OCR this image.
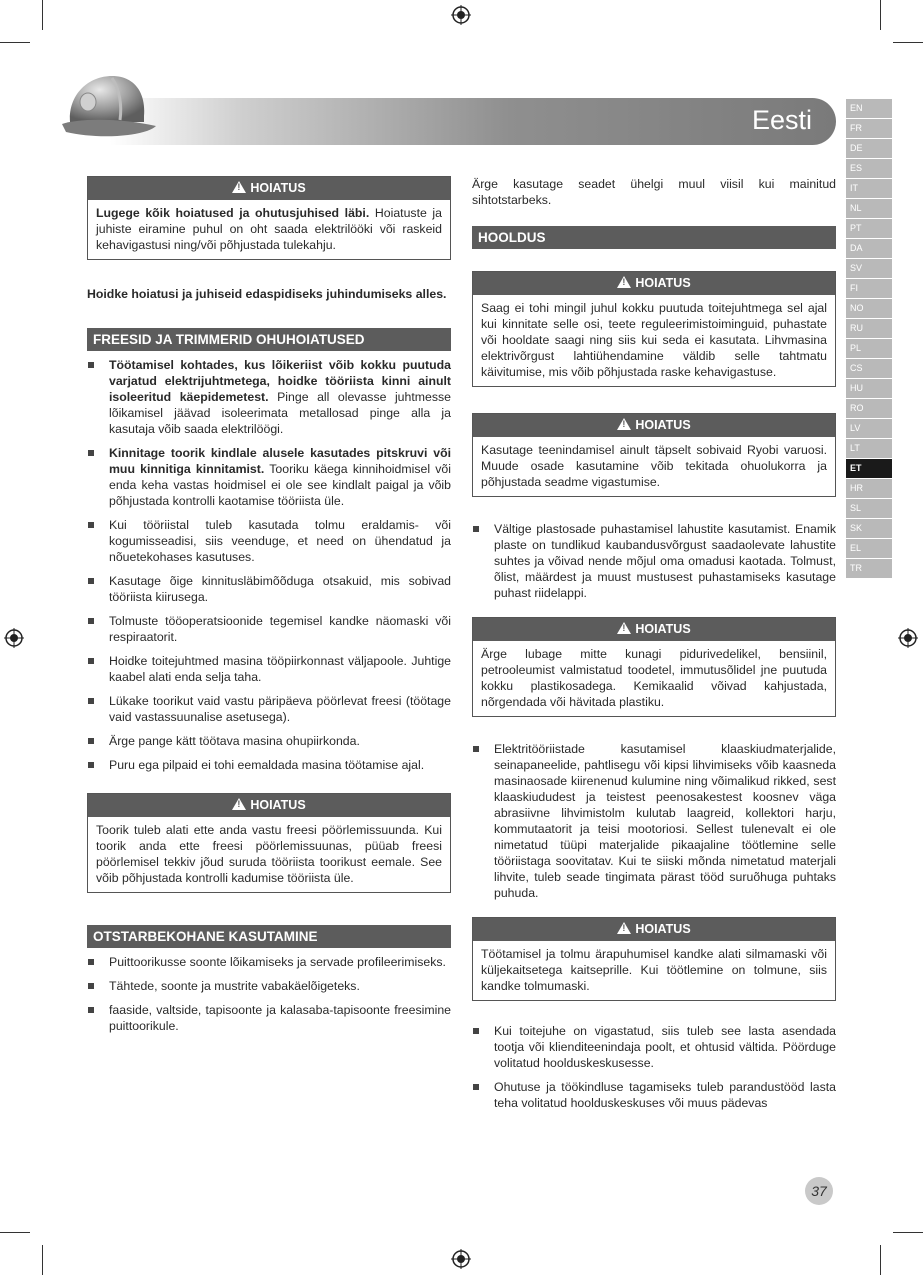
Eesti	EN
FR
DE
ES
IT
NL
PT
DA
SV
FI
NO
RU
PL
CS
HU
RO
LV
LT
ET
HR
SL
SK
EL
TR
!HOIATUS
Lugege kõik hoiatused ja ohutusjuhised läbi. Hoiatuste ja juhiste eiramine puhul on oht saada elektrilööki või raskeid kehavigastusi ning/või põhjustada tulekahju.

Hoidke hoiatusi ja juhiseid edaspidiseks juhindumiseks alles.

FREESID JA TRIMMERID OHUHOIATUSED
Töötamisel kohtades, kus lõikeriist võib kokku puutuda varjatud elektrijuhtmetega, hoidke tööriista kinni ainult isoleeritud käepidemetest. Pinge all olevasse juhtmesse lõikamisel jäävad isoleerimata metallosad pinge alla ja kasutaja võib saada elektrilöögi.
Kinnitage toorik kindlale alusele kasutades pitskruvi või muu kinnitiga kinnitamist. Tooriku käega kinnihoidmisel või enda keha vastas hoidmisel ei ole see kindlalt paigal ja võib põhjustada kontrolli kaotamise tööriista üle.
Kui tööriistal tuleb kasutada tolmu eraldamis- või kogumisseadisi, siis veenduge, et need on ühendatud ja nõuetekohases kasutuses.
Kasutage õige kinnitusläbimõõduga otsakuid, mis sobivad tööriista kiirusega.
Tolmuste tööoperatsioonide tegemisel kandke näomaski või respiraatorit.
Hoidke toitejuhtmed masina tööpiirkonnast väljapoole. Juhtige kaabel alati enda selja taha.
Lükake toorikut vaid vastu päripäeva pöörlevat freesi (töötage vaid vastassuunalise asetusega).
Ärge pange kätt töötava masina ohupiirkonda.
Puru ega pilpaid ei tohi eemaldada masina töötamise ajal.
!HOIATUS
Toorik tuleb alati ette anda vastu freesi pöörlemissuunda. Kui toorik anda ette freesi pöörlemissuunas, püüab freesi pöörlemisel tekkiv jõud suruda tööriista toorikust eemale. See võib põhjustada kontrolli kadumise tööriista üle.
OTSTARBEKOHANE KASUTAMINE
Puittoorikusse soonte lõikamiseks ja servade profileerimiseks.
Tähtede, soonte ja mustrite vabakäelõigeteks.
faaside, valtside, tapisoonte ja kalasaba-tapisoonte freesimine puittoorikule.

Ärge kasutage seadet ühelgi muul viisil kui mainitud sihtotstarbeks.

HOOLDUS
!HOIATUS
Saag ei tohi mingil juhul kokku puutuda toitejuhtmega sel ajal kui kinnitate selle osi, teete reguleerimistoiminguid, puhastate või hooldate saagi ning siis kui seda ei kasutata. Lihvmasina elektrivõrgust lahtiühendamine väldib selle tahtmatu käivitumise, mis võib põhjustada raske kehavigastuse.
!HOIATUS
Kasutage teenindamisel ainult täpselt sobivaid Ryobi varuosi. Muude osade kasutamine võib tekitada ohuolukorra ja põhjustada seadme vigastumise.
Vältige plastosade puhastamisel lahustite kasutamist. Enamik plaste on tundlikud kaubandusvõrgust saadaolevate lahustite suhtes ja võivad nende mõjul oma omadusi kaotada. Tolmust, õlist, määrdest ja muust mustusest puhastamiseks kasutage puhast riidelappi.
!HOIATUS
Ärge lubage mitte kunagi pidurivedelikel, bensiinil, petrooleumist valmistatud toodetel, immutusõlidel jne puutuda kokku plastikosadega. Kemikaalid võivad kahjustada, nõrgendada või hävitada plastiku.
Elektritööriistade kasutamisel klaaskiudmaterjalide, seinapaneelide, pahtlisegu või kipsi lihvimiseks võib kaasneda masinaosade kiirenenud kulumine ning võimalikud rikked, sest klaaskiududest ja teistest peenosakestest koosnev väga abrasiivne lihvimistolm kulutab laagreid, kollektori harju, kommutaatorit ja teisi mootoriosi. Sellest tulenevalt ei ole nimetatud tüüpi materjalide pikaajaline töötlemine selle tööriistaga soovitatav. Kui te siiski mõnda nimetatud materjali lihvite, tuleb seade tingimata pärast tööd suruõhuga puhtaks puhuda.
!HOIATUS
Töötamisel ja tolmu ärapuhumisel kandke alati silmamaski või küljekaitsetega kaitseprille. Kui töötlemine on tolmune, siis kandke tolmumaski.
Kui toitejuhe on vigastatud, siis tuleb see lasta asendada tootja või klienditeenindaja poolt, et ohtusid vältida. Pöörduge volitatud hoolduskeskusesse.
Ohutuse ja töökindluse tagamiseks tuleb parandustööd lasta teha volitatud hoolduskeskuses või muus pädevas
37
